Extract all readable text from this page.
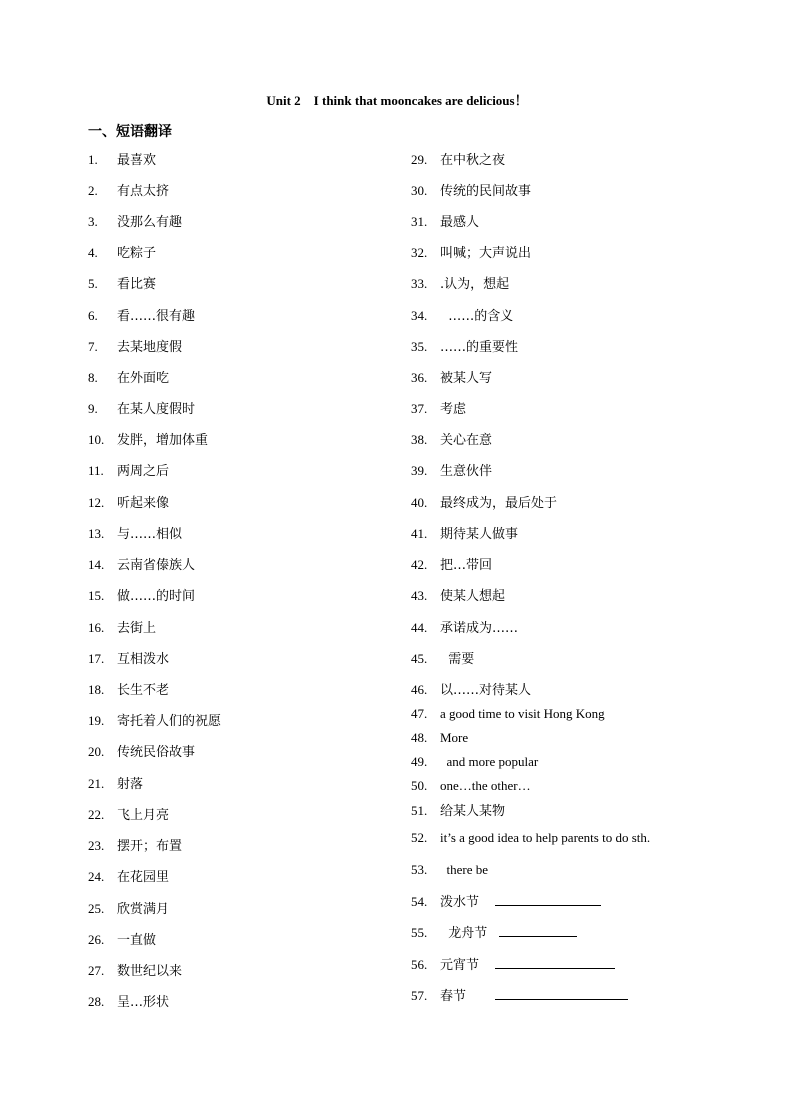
Unit 2    I think that mooncakes are delicious！
一、短语翻译
1. 最喜欢
2. 有点太挤
3. 没那么有趣
4. 吃粽子
5. 看比赛
6. 看……很有趣
7. 去某地度假
8. 在外面吃
9. 在某人度假时
10. 发胖，增加体重
11. 两周之后
12. 听起来像
13. 与……相似
14. 云南省傣族人
15. 做……的时间
16. 去街上
17. 互相泼水
18. 长生不老
19. 寄托着人们的祝愿
20. 传统民俗故事
21. 射落
22. 飞上月亮
23. 摆开；布置
24. 在花园里
25. 欣赏满月
26. 一直做
27. 数世纪以来
28. 呈…形状
29. 在中秋之夜
30. 传统的民间故事
31. 最感人
32. 叫喊；大声说出
33. .认为，想起
34.  ……的含义
35. ……的重要性
36. 被某人写
37. 考虑
38. 关心在意
39. 生意伙伴
40. 最终成为，最后处于
41. 期待某人做事
42. 把…带回
43. 使某人想起
44. 承诺成为……
45.  需要
46. 以……对待某人
47. a good time to visit Hong Kong
48. More
49.  and more popular
50. one…the other…
51. 给某人某物
52. it’s a good idea to help parents to do sth.
53.  there be
54. 泼水节
55.  龙舟节
56. 元宵节
57. 春节
